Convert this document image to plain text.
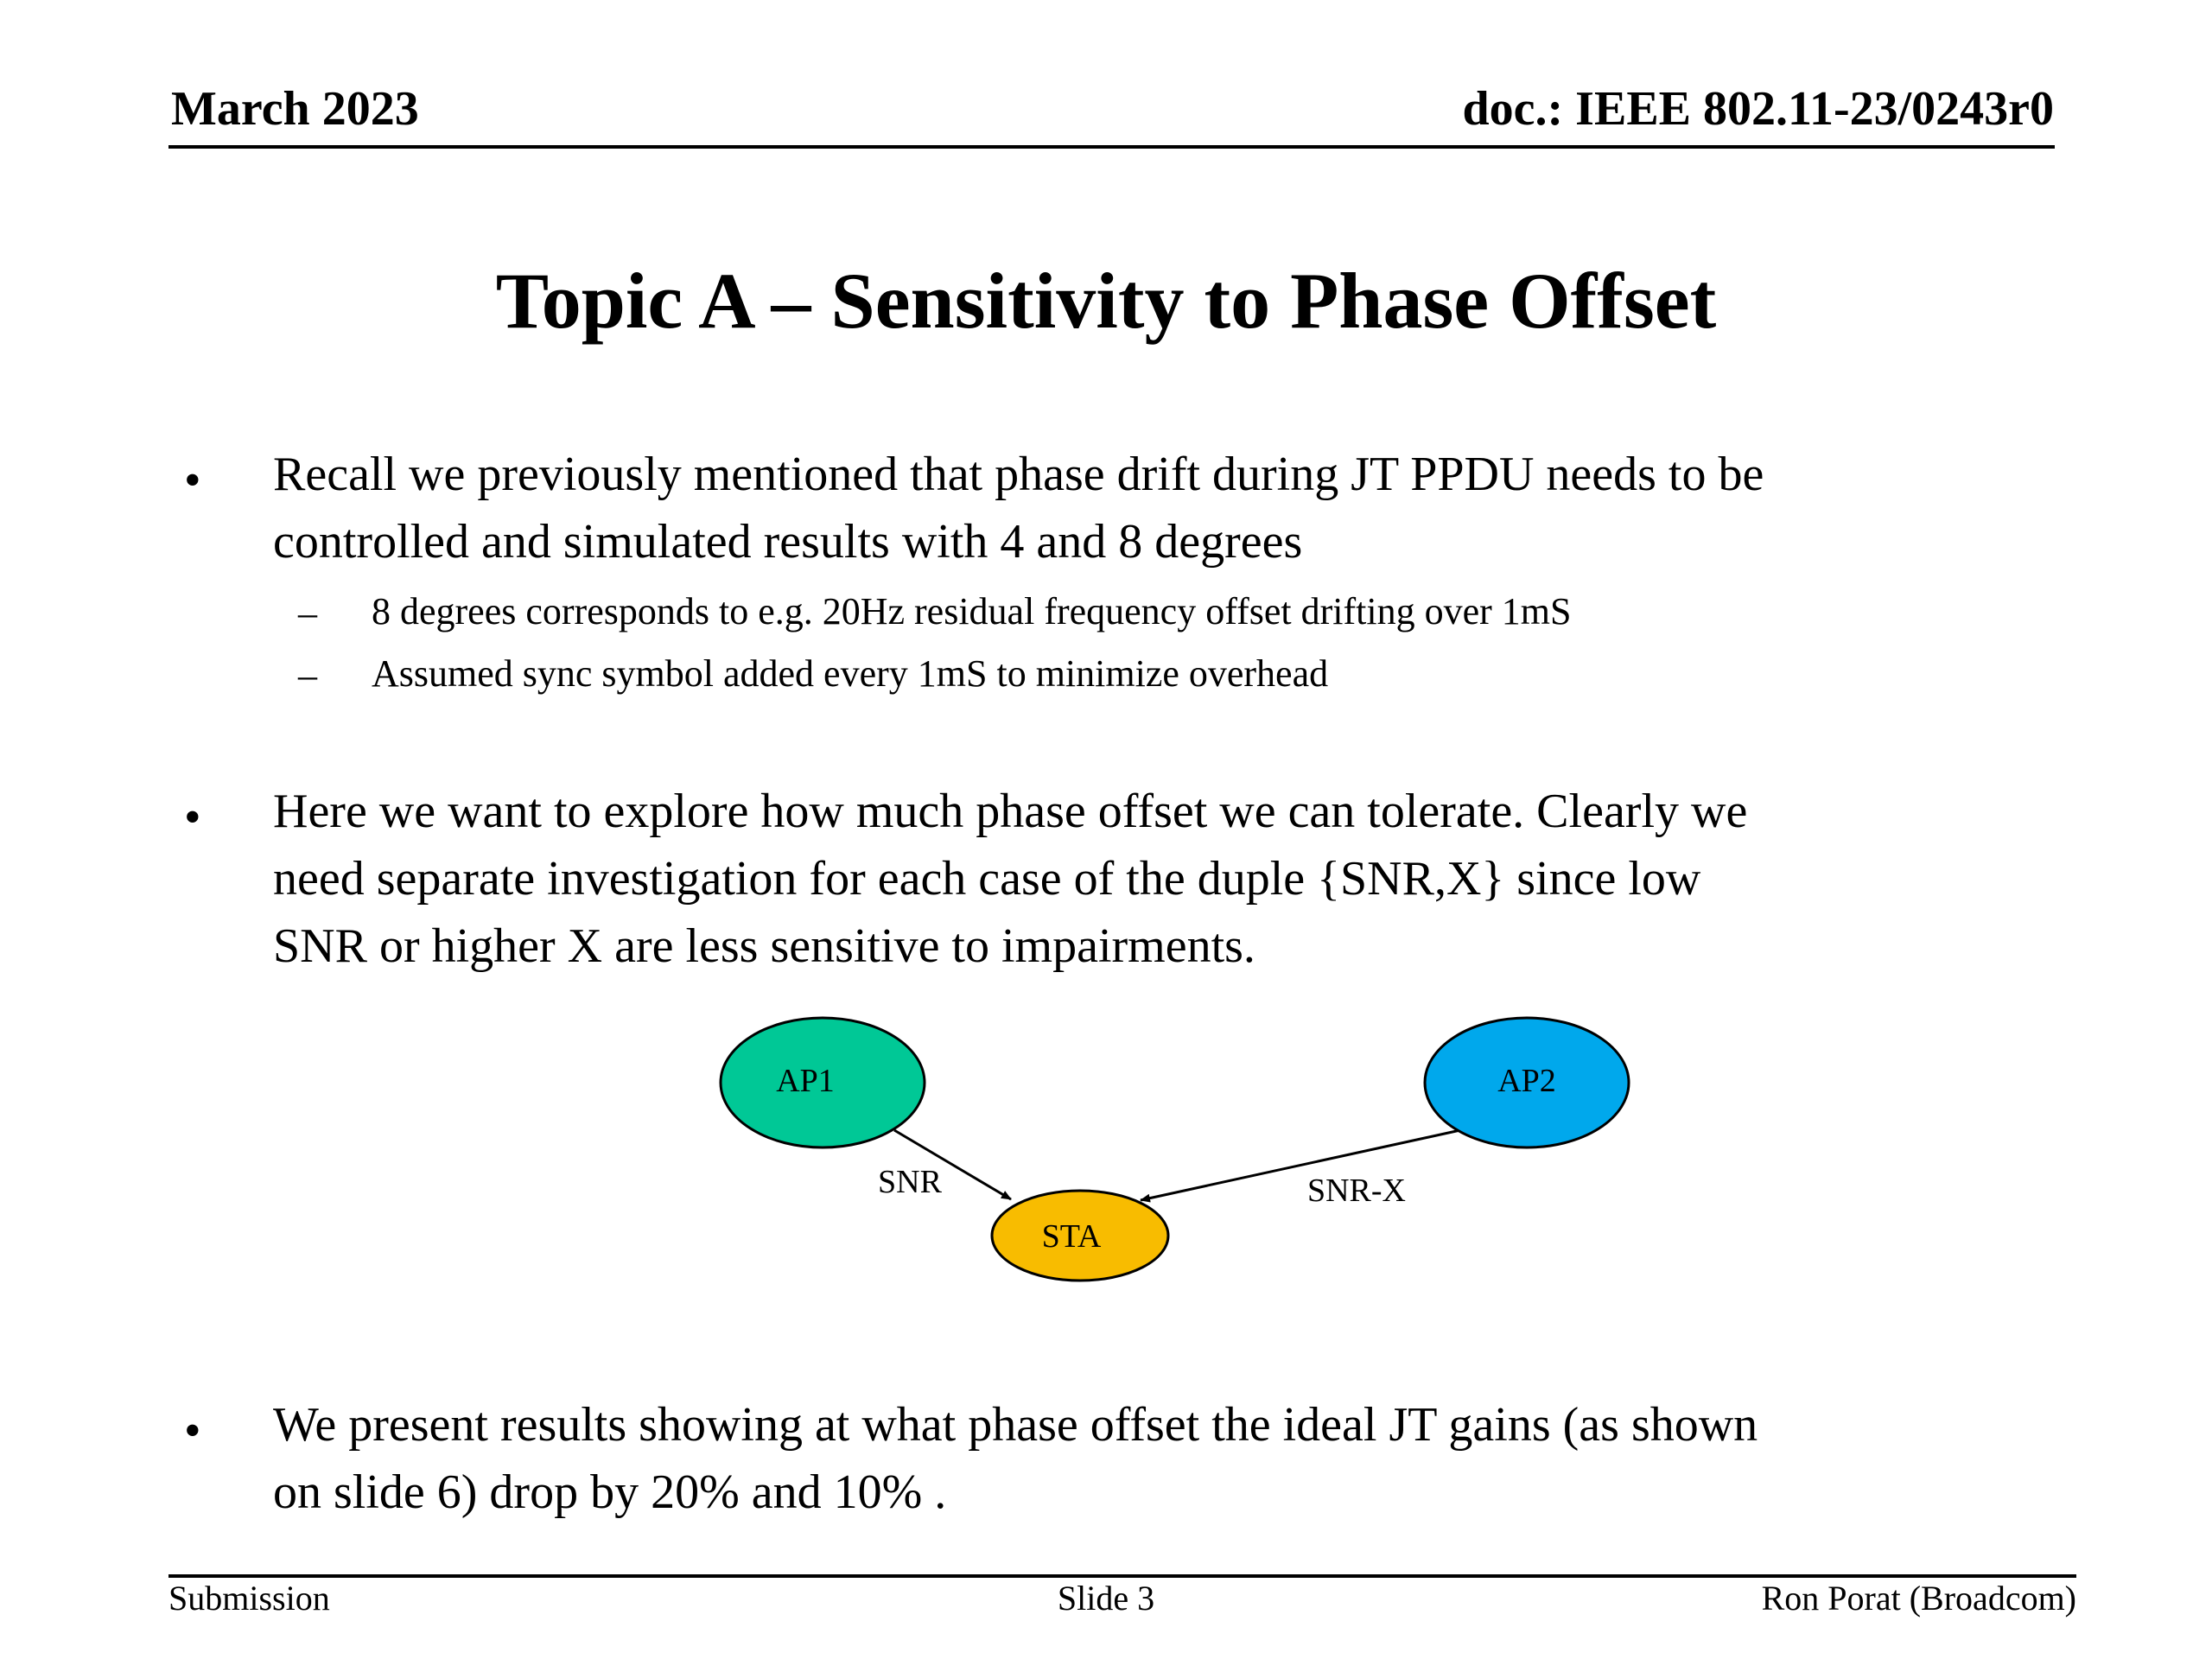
March 2023	doc.: IEEE 802.11-23/0243r0
Topic A – Sensitivity to Phase Offset
• Recall we previously mentioned that phase drift during JT PPDU needs to be
controlled and simulated results with 4 and 8 degrees
– 8 degrees corresponds to e.g. 20Hz residual frequency offset drifting over 1mS
– Assumed sync symbol added every 1mS to minimize overhead
• Here we want to explore how much phase offset we can tolerate. Clearly we
need separate investigation for each case of the duple {SNR,X} since low
SNR or higher X are less sensitive to impairments.
AP1	AP2
STA
SNR	SNR-X
• We present results showing at what phase offset the ideal JT gains (as shown
on slide 6) drop by 20% and 10% .
Submission	Slide 3	Ron Porat (Broadcom)
